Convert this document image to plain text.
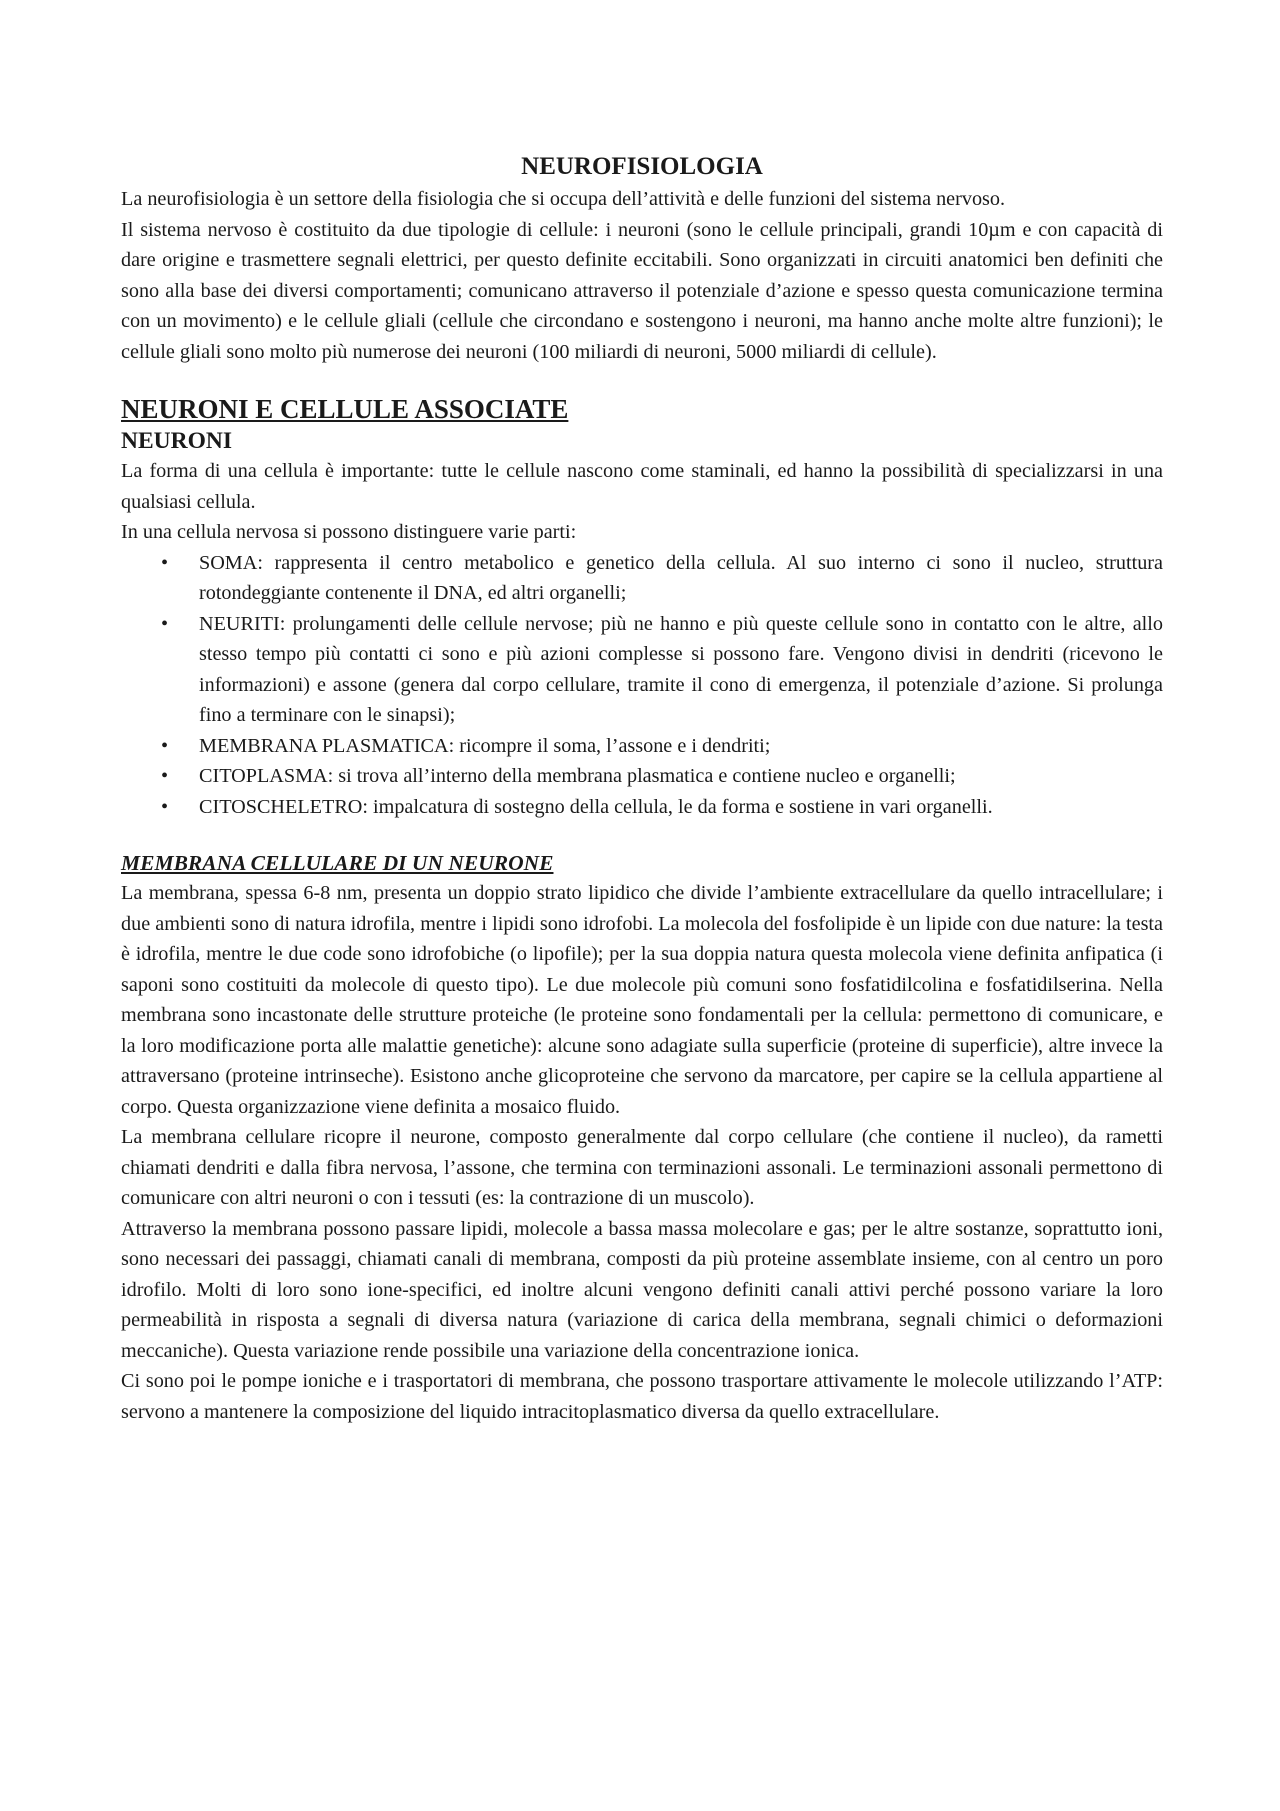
NEUROFISIOLOGIA

La neurofisiologia è un settore della fisiologia che si occupa dell’attività e delle funzioni del sistema nervoso.

Il sistema nervoso è costituito da due tipologie di cellule: i neuroni (sono le cellule principali, grandi 10µm e con capacità di dare origine e trasmettere segnali elettrici, per questo definite eccitabili. Sono organizzati in circuiti anatomici ben definiti che sono alla base dei diversi comportamenti; comunicano attraverso il potenziale d’azione e spesso questa comunicazione termina con un movimento) e le cellule gliali (cellule che circondano e sostengono i neuroni, ma hanno anche molte altre funzioni); le cellule gliali sono molto più numerose dei neuroni (100 miliardi di neuroni, 5000 miliardi di cellule).

NEURONI E CELLULE ASSOCIATE
NEURONI

La forma di una cellula è importante: tutte le cellule nascono come staminali, ed hanno la possibilità di specializzarsi in una qualsiasi cellula.

In una cellula nervosa si possono distinguere varie parti:

• SOMA: rappresenta il centro metabolico e genetico della cellula. Al suo interno ci sono il nucleo, struttura rotondeggiante contenente il DNA, ed altri organelli;
• NEURITI: prolungamenti delle cellule nervose; più ne hanno e più queste cellule sono in contatto con le altre, allo stesso tempo più contatti ci sono e più azioni complesse si possono fare. Vengono divisi in dendriti (ricevono le informazioni) e assone (genera dal corpo cellulare, tramite il cono di emergenza, il potenziale d’azione. Si prolunga fino a terminare con le sinapsi);
• MEMBRANA PLASMATICA: ricompre il soma, l’assone e i dendriti;
• CITOPLASMA: si trova all’interno della membrana plasmatica e contiene nucleo e organelli;
• CITOSCHELETRO: impalcatura di sostegno della cellula, le da forma e sostiene in vari organelli.
MEMBRANA CELLULARE DI UN NEURONE

La membrana, spessa 6-8 nm, presenta un doppio strato lipidico che divide l’ambiente extracellulare da quello intracellulare; i due ambienti sono di natura idrofila, mentre i lipidi sono idrofobi. La molecola del fosfolipide è un lipide con due nature: la testa è idrofila, mentre le due code sono idrofobiche (o lipofile); per la sua doppia natura questa molecola viene definita anfipatica (i saponi sono costituiti da molecole di questo tipo). Le due molecole più comuni sono fosfatidilcolina e fosfatidilserina. Nella membrana sono incastonate delle strutture proteiche (le proteine sono fondamentali per la cellula: permettono di comunicare, e la loro modificazione porta alle malattie genetiche): alcune sono adagiate sulla superficie (proteine di superficie), altre invece la attraversano (proteine intrinseche). Esistono anche glicoproteine che servono da marcatore, per capire se la cellula appartiene al corpo. Questa organizzazione viene definita a mosaico fluido.

La membrana cellulare ricopre il neurone, composto generalmente dal corpo cellulare (che contiene il nucleo), da rametti chiamati dendriti e dalla fibra nervosa, l’assone, che termina con terminazioni assonali. Le terminazioni assonali permettono di comunicare con altri neuroni o con i tessuti (es: la contrazione di un muscolo).

Attraverso la membrana possono passare lipidi, molecole a bassa massa molecolare e gas; per le altre sostanze, soprattutto ioni, sono necessari dei passaggi, chiamati canali di membrana, composti da più proteine assemblate insieme, con al centro un poro idrofilo. Molti di loro sono ione-specifici, ed inoltre alcuni vengono definiti canali attivi perché possono variare la loro permeabilità in risposta a segnali di diversa natura (variazione di carica della membrana, segnali chimici o deformazioni meccaniche). Questa variazione rende possibile una variazione della concentrazione ionica.

Ci sono poi le pompe ioniche e i trasportatori di membrana, che possono trasportare attivamente le molecole utilizzando l’ATP: servono a mantenere la composizione del liquido intracitoplasmatico diversa da quello extracellulare.
